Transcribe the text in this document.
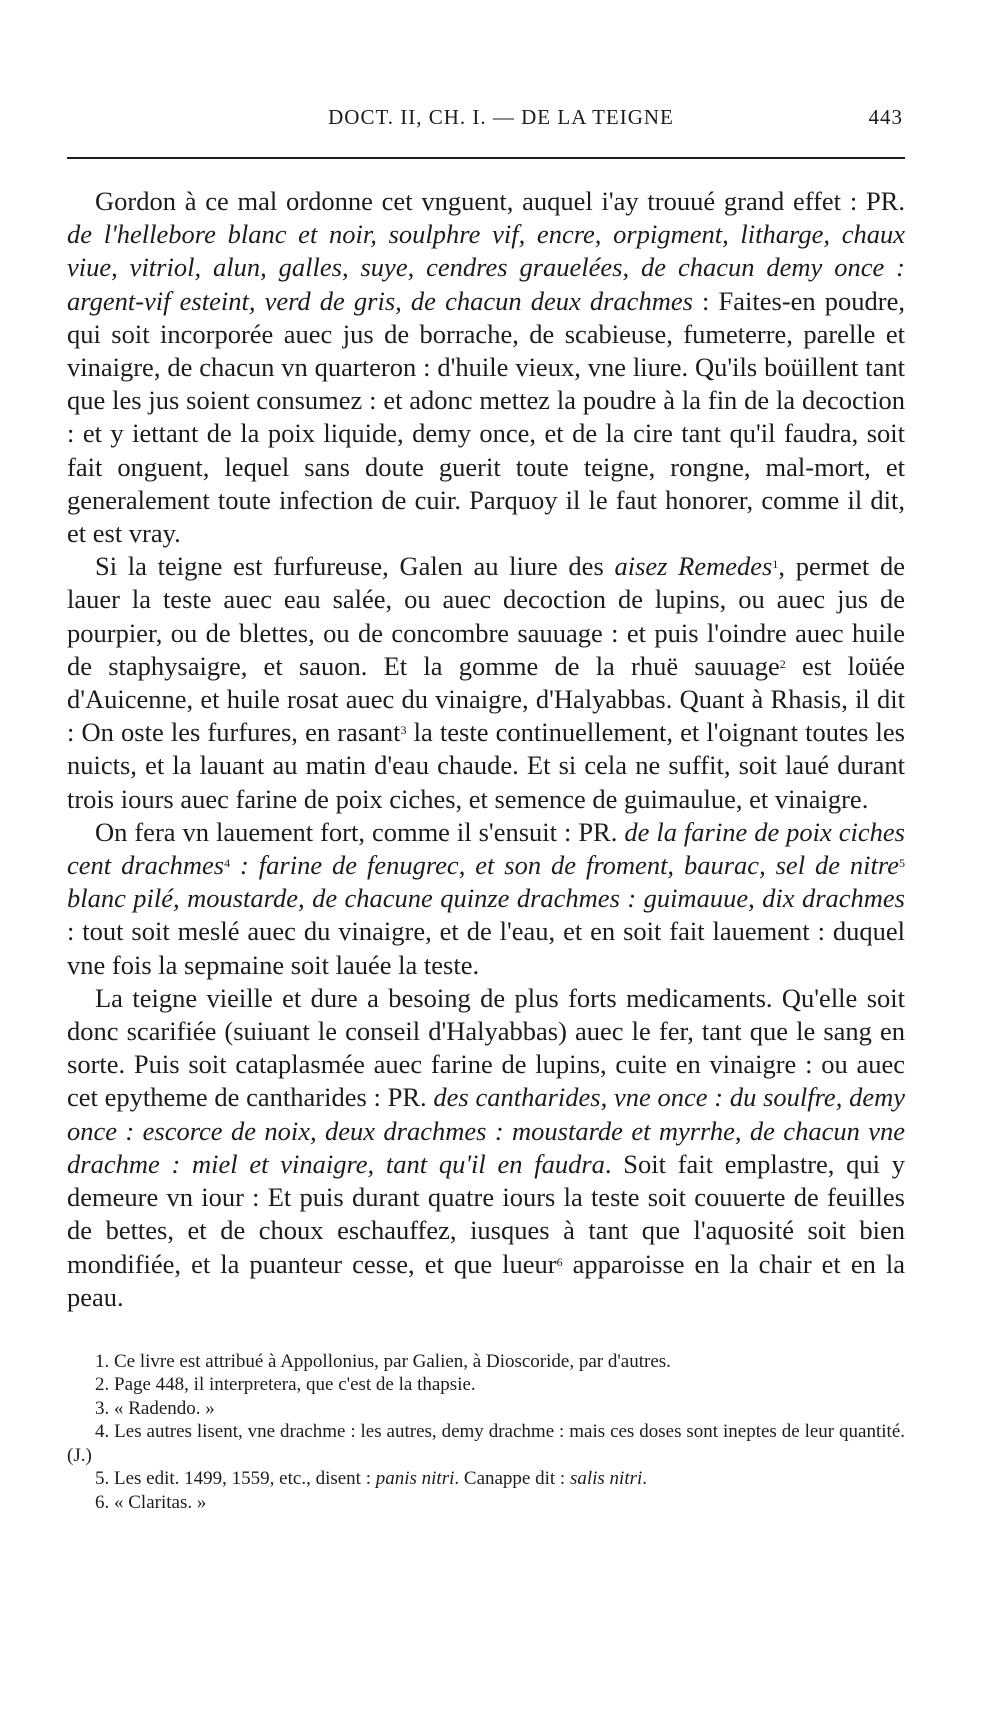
DOCT. II, CH. I. — DE LA TEIGNE	443

Gordon à ce mal ordonne cet vnguent, auquel i'ay trouué grand effet : PR. de l'hellebore blanc et noir, soulphre vif, encre, orpigment, litharge, chaux viue, vitriol, alun, galles, suye, cendres grauelées, de chacun demy once : argent-vif esteint, verd de gris, de chacun deux drachmes : Faites-en poudre, qui soit incorporée auec jus de borrache, de scabieuse, fumeterre, parelle et vinaigre, de chacun vn quarteron : d'huile vieux, vne liure. Qu'ils boüillent tant que les jus soient consumez : et adonc mettez la poudre à la fin de la decoction : et y iettant de la poix liquide, demy once, et de la cire tant qu'il faudra, soit fait onguent, lequel sans doute guerit toute teigne, rongne, mal-mort, et generalement toute infection de cuir. Parquoy il le faut honorer, comme il dit, et est vray.

Si la teigne est furfureuse, Galen au liure des aisez Remedes$^1$, permet de lauer la teste auec eau salée, ou auec decoction de lupins, ou auec jus de pourpier, ou de blettes, ou de concombre sauuage : et puis l'oindre auec huile de staphysaigre, et sauon. Et la gomme de la rhuë sauuage$^2$ est loüée d'Auicenne, et huile rosat auec du vinaigre, d'Halyabbas. Quant à Rhasis, il dit : On oste les furfures, en rasant$^3$ la teste continuellement, et l'oignant toutes les nuicts, et la lauant au matin d'eau chaude. Et si cela ne suffit, soit laué durant trois iours auec farine de poix ciches, et semence de guimaulue, et vinaigre.

On fera vn lauement fort, comme il s'ensuit : PR. de la farine de poix ciches cent drachmes$^4$ : farine de fenugrec, et son de froment, baurac, sel de nitre$^5$ blanc pilé, moustarde, de chacune quinze drachmes : guimauue, dix drachmes : tout soit meslé auec du vinaigre, et de l'eau, et en soit fait lauement : duquel vne fois la sepmaine soit lauée la teste.

La teigne vieille et dure a besoing de plus forts medicaments. Qu'elle soit donc scarifiée (suiuant le conseil d'Halyabbas) auec le fer, tant que le sang en sorte. Puis soit cataplasmée auec farine de lupins, cuite en vinaigre : ou auec cet epytheme de cantharides : PR. des cantharides, vne once : du soulfre, demy once : escorce de noix, deux drachmes : moustarde et myrrhe, de chacun vne drachme : miel et vinaigre, tant qu'il en faudra. Soit fait emplastre, qui y demeure vn iour : Et puis durant quatre iours la teste soit couuerte de feuilles de bettes, et de choux eschauffez, iusques à tant que l'aquosité soit bien mondifiée, et la puanteur cesse, et que lueur$^6$ apparoisse en la chair et en la peau.

1. Ce livre est attribué à Appollonius, par Galien, à Dioscoride, par d'autres.

2. Page 448, il interpretera, que c'est de la thapsie.

3. « Radendo. »

4. Les autres lisent, vne drachme : les autres, demy drachme : mais ces doses sont ineptes de leur quantité. (J.)

5. Les edit. 1499, 1559, etc., disent : panis nitri. Canappe dit : salis nitri.

6. « Claritas. »
